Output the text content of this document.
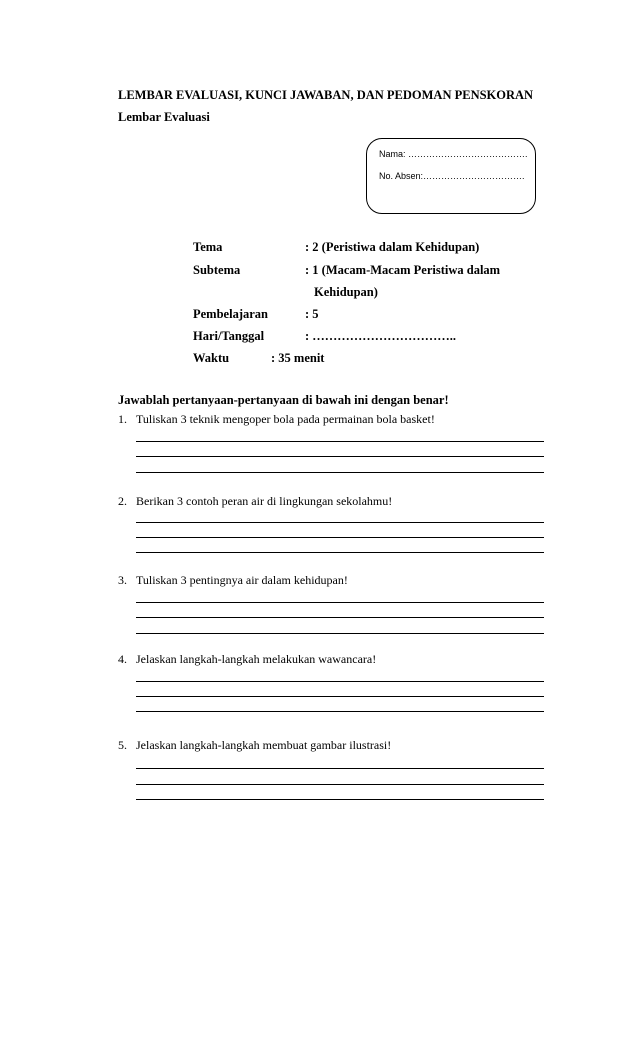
LEMBAR EVALUASI, KUNCI JAWABAN, DAN PEDOMAN PENSKORAN
Lembar Evaluasi
Nama: ………………………………….
No. Absen:…………………………….
Tema	: 2 (Peristiwa dalam Kehidupan)
Subtema	: 1 (Macam-Macam Peristiwa dalam
Kehidupan)
Pembelajaran	: 5
Hari/Tanggal	: ……………………………..
Waktu	: 35 menit
Jawablah pertanyaan-pertanyaan di bawah ini dengan benar!
1. Tuliskan 3 teknik mengoper bola pada permainan bola basket!
2. Berikan 3 contoh peran air di lingkungan sekolahmu!
3. Tuliskan 3 pentingnya air dalam kehidupan!
4. Jelaskan langkah-langkah melakukan wawancara!
5. Jelaskan langkah-langkah membuat gambar ilustrasi!
